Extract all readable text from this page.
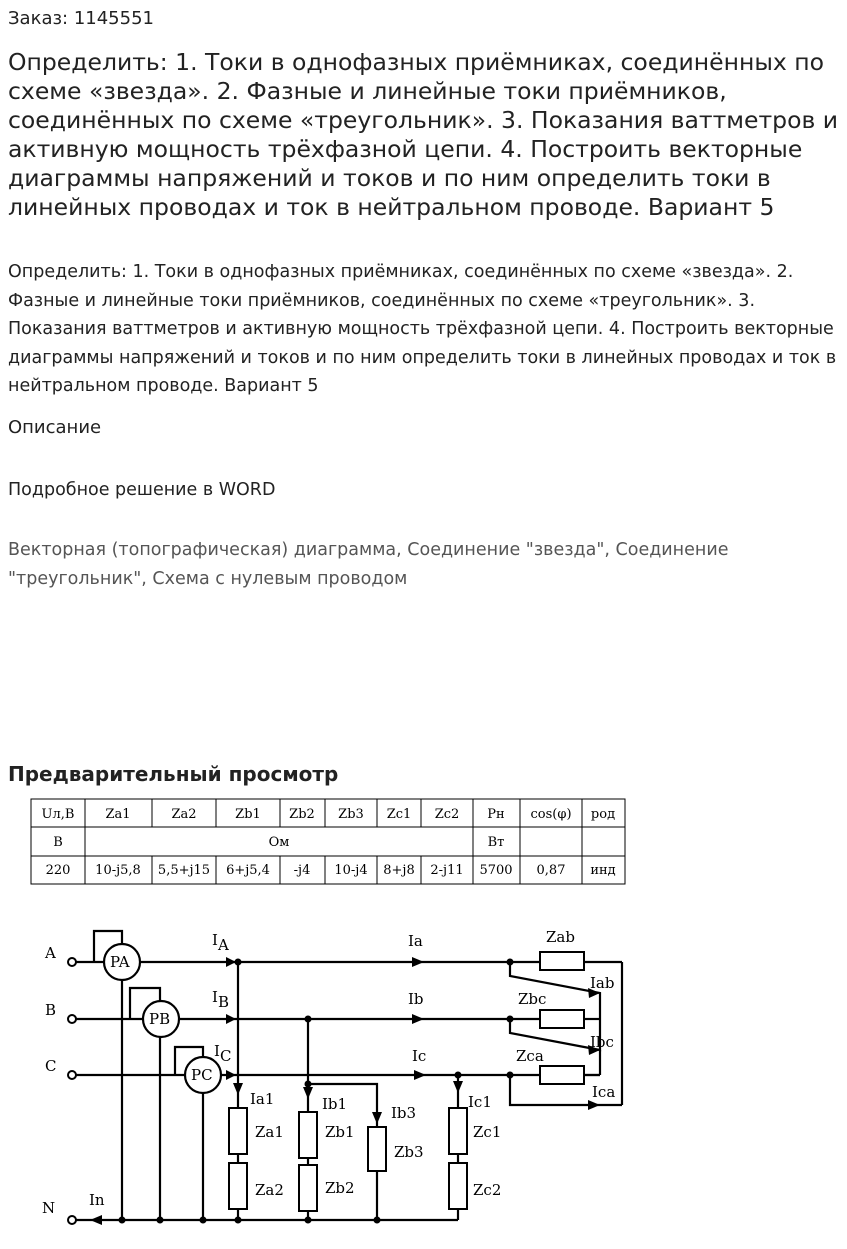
Заказ: 1145551
Определить: 1. Токи в однофазных приёмниках, соединённых по схеме «звезда». 2. Фазные и линейные токи приёмников, соединённых по схеме «треугольник». 3. Показания ваттметров и активную мощность трёхфазной цепи. 4. Построить векторные диаграммы напряжений и токов и по ним определить токи в линейных проводах и ток в нейтральном проводе. Вариант 5
Определить: 1. Токи в однофазных приёмниках, соединённых по схеме «звезда». 2. Фазные и линейные токи приёмников, соединённых по схеме «треугольник». 3. Показания ваттметров и активную мощность трёхфазной цепи. 4. Построить векторные диаграммы напряжений и токов и по ним определить токи в линейных проводах и ток в нейтральном проводе. Вариант 5
Описание
Подробное решение в WORD
Векторная (топографическая) диаграмма, Соединение "звезда", Соединение "треугольник", Схема с нулевым проводом
Предварительный просмотр
Uл,В Za1	Za2	Zb1 Zb2 Zb3 Zc1 Zc2 Рн cos(φ) род
В	Ом	Вт
220 10-j5,8 5,5+j15 6+j5,4 -j4 10-j4 8+j8 2-j11 5700 0,87 инд
A
B
C
N
PA
PB
PC
IA
IB
IC
Ia
Ib
Ic
Zab
Zbc
Zca
Iab
Ibc
Ica
Ia1	Ib1	Ib3
Ic1
Za1
Za2
Zb1
Zb2
Zb3
Zc1
Zc2
In
